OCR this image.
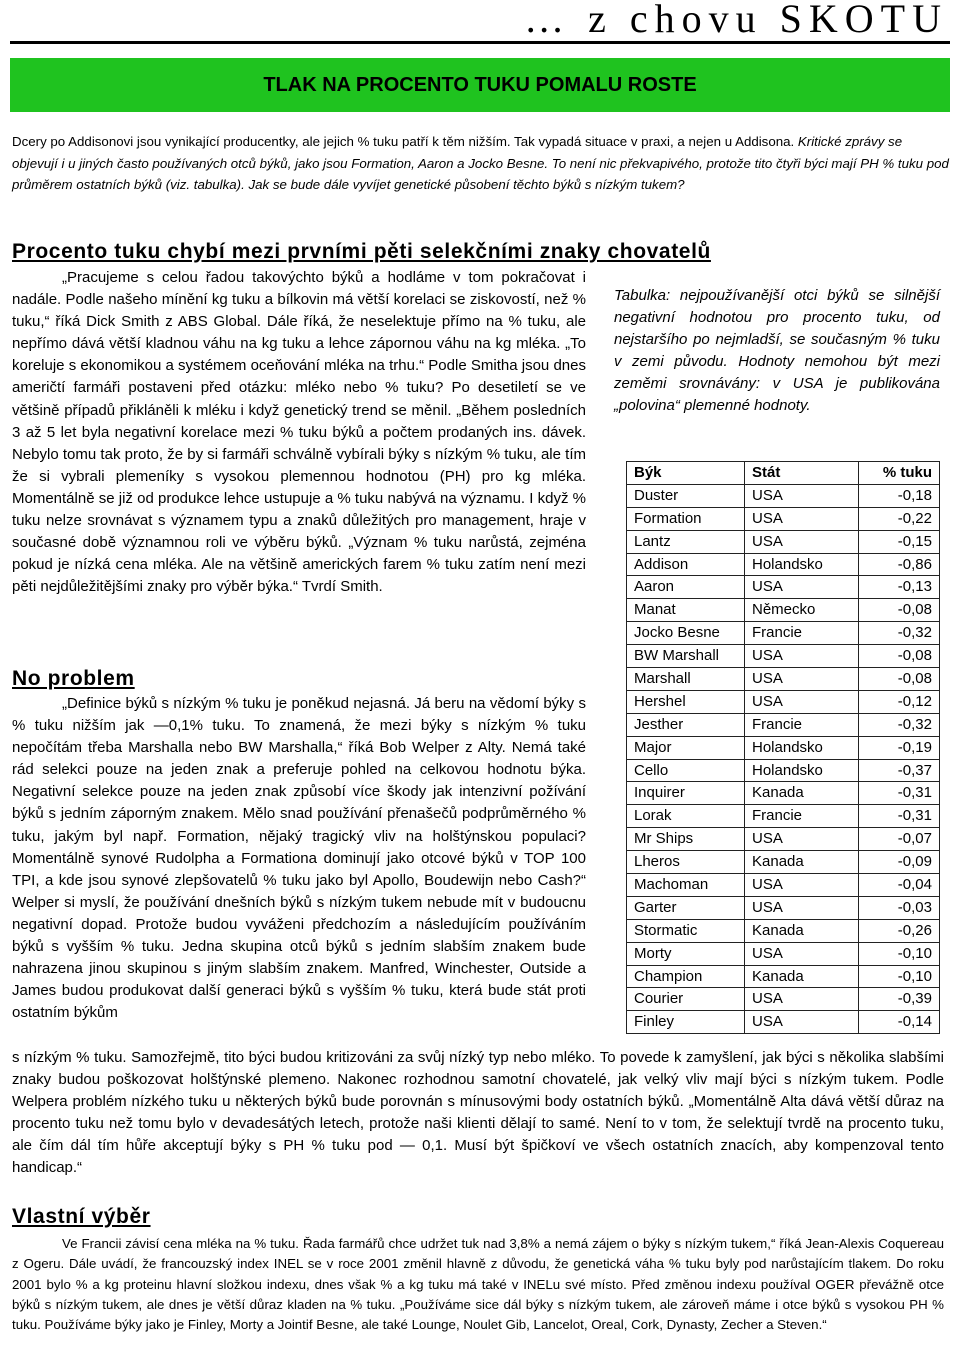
… z chovu SKOTU
TLAK NA PROCENTO TUKU POMALU ROSTE
Dcery po Addisonovi jsou vynikající producentky, ale jejich % tuku patří k těm nižším. Tak vypadá situace v praxi, a nejen u Addisona. Kritické zprávy se objevují i u jiných často používaných otců býků, jako jsou Formation, Aaron a Jocko Besne. To není nic překvapivého, protože tito čtyři býci mají PH % tuku pod průměrem ostatních býků (viz. tabulka). Jak se bude dále vyvíjet genetické působení těchto býků s nízkým tukem?
Procento tuku chybí mezi prvními pěti selekčními znaky chovatelů

„Pracujeme s celou řadou takovýchto býků a hodláme v tom pokračovat i nadále. Podle našeho mínění kg tuku a bílkovin má větší korelaci se ziskovostí, než % tuku,“ říká Dick Smith z ABS Global. Dále říká, že neselektuje přímo na % tuku, ale nepřímo dává větší kladnou váhu na kg tuku a lehce zápornou váhu na kg mléka. „To koreluje s ekonomikou a systémem oceňování mléka na trhu.“ Podle Smitha jsou dnes američtí farmáři postaveni před otázku: mléko nebo % tuku? Po desetiletí se ve většině případů přikláněli k mléku i když genetický trend se měnil. „Během posledních 3 až 5 let byla negativní korelace mezi % tuku býků a počtem prodaných ins. dávek. Nebylo tomu tak proto, že by si farmáři schválně vybírali býky s nízkým % tuku, ale tím že si vybrali plemeníky s vysokou plemennou hodnotou (PH) pro kg mléka. Momentálně se již od produkce lehce ustupuje a % tuku nabývá na významu. I když % tuku nelze srovnávat s významem typu a znaků důležitých pro management, hraje v současné době významnou roli ve výběru býků. „Význam % tuku narůstá, zejména pokud je nízká cena mléka. Ale na většině amerických farem % tuku zatím není mezi pěti nejdůležitějšími znaky pro výběr býka.“ Tvrdí Smith.

No problem

„Definice býků s nízkým % tuku je poněkud nejasná. Já beru na vědomí býky s % tuku nižším jak —0,1% tuku. To znamená, že mezi býky s nízkým % tuku nepočítám třeba Marshalla nebo BW Marshalla,“ říká Bob Welper z Alty. Nemá také rád selekci pouze na jeden znak a preferuje pohled na celkovou hodnotu býka. Negativní selekce pouze na jeden znak způsobí více škody jak intenzivní požívání býků s jedním záporným znakem. Mělo snad používání přenašečů podprůměrného % tuku, jakým byl např. Formation, nějaký tragický vliv na holštýnskou populaci? Momentálně synové Rudolpha a Formationa dominují jako otcové býků v TOP 100 TPI, a kde jsou synové zlepšovatelů % tuku jako byl Apollo, Boudewijn nebo Cash?“ Welper si myslí, že používání dnešních býků s nízkým tukem nebude mít v budoucnu negativní dopad. Protože budou vyváženi předchozím a následujícím používáním býků s vyšším % tuku. Jedna skupina otců býků s jedním slabším znakem bude nahrazena jinou skupinou s jiným slabším znakem. Manfred, Winchester, Outside a James budou produkovat další generaci býků s vyšším % tuku, která bude stát proti ostatním býkům

s nízkým % tuku. Samozřejmě, tito býci budou kritizováni za svůj nízký typ nebo mléko. To povede k zamyšlení, jak býci s několika slabšími znaky budou poškozovat holštýnské plemeno. Nakonec rozhodnou samotní chovatelé, jak velký vliv mají býci s nízkým tukem. Podle Welpera problém nízkého tuku u některých býků bude porovnán s mínusovými body ostatních býků. „Momentálně Alta dává větší důraz na procento tuku než tomu bylo v devadesátých letech, protože naši klienti dělají to samé. Není to v tom, že selektují tvrdě na procento tuku, ale čím dál tím hůře akceptují býky s PH % tuku pod — 0,1. Musí být špičkoví ve všech ostatních znacích, aby kompenzoval tento handicap.“

Tabulka: nejpoužívanější otci býků se silnější negativní hodnotou pro procento tuku, od nejstaršího po nejmladší, se současným % tuku v zemi původu. Hodnoty nemohou být mezi zeměmi srovnávány: v USA je publikována „polovina“ plemenné hodnoty.
Býk	Stát	% tuku
Duster	USA	-0,18
Formation	USA	-0,22
Lantz	USA	-0,15
Addison	Holandsko	-0,86
Aaron	USA	-0,13
Manat	Německo	-0,08
Jocko Besne	Francie	-0,32
BW Marshall	USA	-0,08
Marshall	USA	-0,08
Hershel	USA	-0,12
Jesther	Francie	-0,32
Major	Holandsko	-0,19
Cello	Holandsko	-0,37
Inquirer	Kanada	-0,31
Lorak	Francie	-0,31
Mr Ships	USA	-0,07
Lheros	Kanada	-0,09
Machoman	USA	-0,04
Garter	USA	-0,03
Stormatic	Kanada	-0,26
Morty	USA	-0,10
Champion	Kanada	-0,10
Courier	USA	-0,39
Finley	USA	-0,14
Vlastní výběr

Ve Francii závisí cena mléka na % tuku. Řada farmářů chce udržet tuk nad 3,8% a nemá zájem o býky s nízkým tukem,“ říká Jean-Alexis Coquereau z Ogeru. Dále uvádí, že francouzský index INEL se v roce 2001 změnil hlavně z důvodu, že genetická váha % tuku byly pod narůstajícím tlakem. Do roku 2001 bylo % a kg proteinu hlavní složkou indexu, dnes však % a kg tuku má také v INELu své místo. Před změnou indexu používal OGER převážně otce býků s nízkým tukem, ale dnes je větší důraz kladen na % tuku. „Používáme sice dál býky s nízkým tukem, ale zároveň máme i otce býků s vysokou PH % tuku. Používáme býky jako je Finley, Morty a Jointif Besne, ale také Lounge, Noulet Gib, Lancelot, Oreal, Cork, Dynasty, Zecher a Steven.“
